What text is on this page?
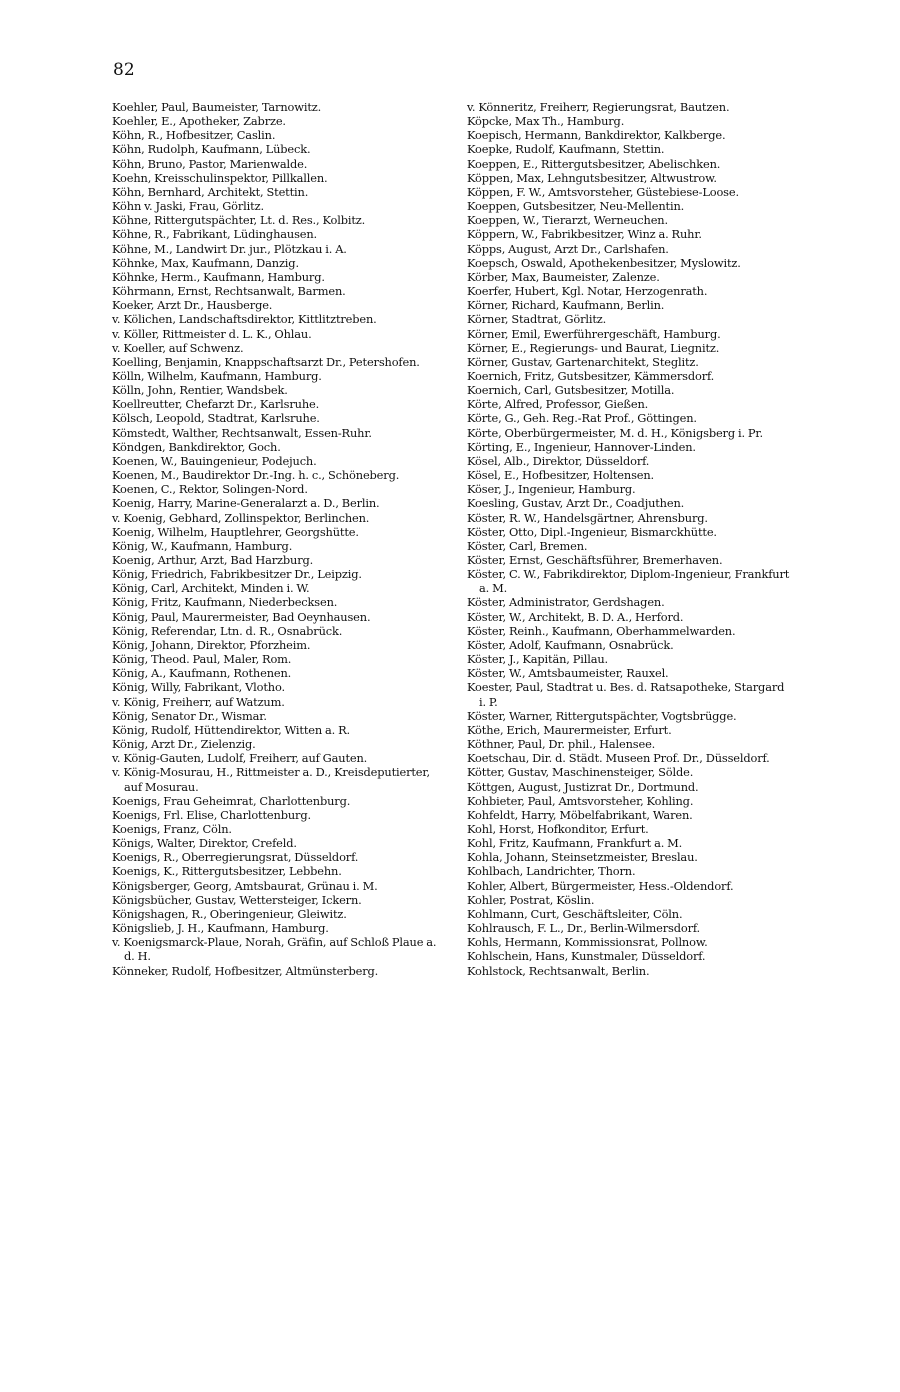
82
Koehler, Paul, Baumeister, Tarnowitz.
Koehler, E., Apotheker, Zabrze.
Köhn, R., Hofbesitzer, Caslin.
Köhn, Rudolph, Kaufmann, Lübeck.
Köhn, Bruno, Pastor, Marienwalde.
Koehn, Kreisschulinspektor, Pillkallen.
Köhn, Bernhard, Architekt, Stettin.
Köhn v. Jaski, Frau, Görlitz.
Köhne, Rittergutspächter, Lt. d. Res., Kolbitz.
Köhne, R., Fabrikant, Lüdinghausen.
Köhne, M., Landwirt Dr. jur., Plötzkau i. A.
Köhnke, Max, Kaufmann, Danzig.
Köhnke, Herm., Kaufmann, Hamburg.
Köhrmann, Ernst, Rechtsanwalt, Barmen.
Koeker, Arzt Dr., Hausberge.
v. Kölichen, Landschaftsdirektor, Kittlitztreben.
v. Köller, Rittmeister d. L. K., Ohlau.
v. Koeller, auf Schwenz.
Koelling, Benjamin, Knappschaftsarzt Dr., Petershofen.
Kölln, Wilhelm, Kaufmann, Hamburg.
Kölln, John, Rentier, Wandsbek.
Koellreutter, Chefarzt Dr., Karlsruhe.
Kölsch, Leopold, Stadtrat, Karlsruhe.
Kömstedt, Walther, Rechtsanwalt, Essen-Ruhr.
Köndgen, Bankdirektor, Goch.
Koenen, W., Bauingenieur, Podejuch.
Koenen, M., Baudirektor Dr.-Ing. h. c., Schöneberg.
Koenen, C., Rektor, Solingen-Nord.
Koenig, Harry, Marine-Generalarzt a. D., Berlin.
v. Koenig, Gebhard, Zollinspektor, Berlinchen.
Koenig, Wilhelm, Hauptlehrer, Georgshütte.
König, W., Kaufmann, Hamburg.
Koenig, Arthur, Arzt, Bad Harzburg.
König, Friedrich, Fabrikbesitzer Dr., Leipzig.
König, Carl, Architekt, Minden i. W.
König, Fritz, Kaufmann, Niederbecksen.
König, Paul, Maurermeister, Bad Oeynhausen.
König, Referendar, Ltn. d. R., Osnabrück.
König, Johann, Direktor, Pforzheim.
König, Theod. Paul, Maler, Rom.
König, A., Kaufmann, Rothenen.
König, Willy, Fabrikant, Vlotho.
v. König, Freiherr, auf Watzum.
König, Senator Dr., Wismar.
König, Rudolf, Hüttendirektor, Witten a. R.
König, Arzt Dr., Zielenzig.
v. König-Gauten, Ludolf, Freiherr, auf Gauten.
v. König-Mosurau, H., Rittmeister a. D., Kreisdeputierter, auf Mosurau.
Koenigs, Frau Geheimrat, Charlottenburg.
Koenigs, Frl. Elise, Charlottenburg.
Koenigs, Franz, Cöln.
Königs, Walter, Direktor, Crefeld.
Koenigs, R., Oberregierungsrat, Düsseldorf.
Koenigs, K., Rittergutsbesitzer, Lebbehn.
Königsberger, Georg, Amtsbaurat, Grünau i. M.
Königsbücher, Gustav, Wettersteiger, Ickern.
Königshagen, R., Oberingenieur, Gleiwitz.
Königslieb, J. H., Kaufmann, Hamburg.
v. Koenigsmarck-Plaue, Norah, Gräfin, auf Schloß Plaue a. d. H.
Könneker, Rudolf, Hofbesitzer, Altmünsterberg.
v. Könneritz, Freiherr, Regierungsrat, Bautzen.
Köpcke, Max Th., Hamburg.
Koepisch, Hermann, Bankdirektor, Kalkberge.
Koepke, Rudolf, Kaufmann, Stettin.
Koeppen, E., Rittergutsbesitzer, Abelischken.
Köppen, Max, Lehngutsbesitzer, Altwustrow.
Köppen, F. W., Amtsvorsteher, Güstebiese-Loose.
Koeppen, Gutsbesitzer, Neu-Mellentin.
Koeppen, W., Tierarzt, Werneuchen.
Köppern, W., Fabrikbesitzer, Winz a. Ruhr.
Köpps, August, Arzt Dr., Carlshafen.
Koepsch, Oswald, Apothekenbesitzer, Myslowitz.
Körber, Max, Baumeister, Zalenze.
Koerfer, Hubert, Kgl. Notar, Herzogenrath.
Körner, Richard, Kaufmann, Berlin.
Körner, Stadtrat, Görlitz.
Körner, Emil, Ewerführergeschäft, Hamburg.
Körner, E., Regierungs- und Baurat, Liegnitz.
Körner, Gustav, Gartenarchitekt, Steglitz.
Koernich, Fritz, Gutsbesitzer, Kämmersdorf.
Koernich, Carl, Gutsbesitzer, Motilla.
Körte, Alfred, Professor, Gießen.
Körte, G., Geh. Reg.-Rat Prof., Göttingen.
Körte, Oberbürgermeister, M. d. H., Königsberg i. Pr.
Körting, E., Ingenieur, Hannover-Linden.
Kösel, Alb., Direktor, Düsseldorf.
Kösel, E., Hofbesitzer, Holtensen.
Köser, J., Ingenieur, Hamburg.
Koesling, Gustav, Arzt Dr., Coadjuthen.
Köster, R. W., Handelsgärtner, Ahrensburg.
Köster, Otto, Dipl.-Ingenieur, Bismarckhütte.
Köster, Carl, Bremen.
Köster, Ernst, Geschäftsführer, Bremerhaven.
Köster, C. W., Fabrikdirektor, Diplom-Ingenieur, Frankfurt a. M.
Köster, Administrator, Gerdshagen.
Köster, W., Architekt, B. D. A., Herford.
Köster, Reinh., Kaufmann, Oberhammelwarden.
Köster, Adolf, Kaufmann, Osnabrück.
Köster, J., Kapitän, Pillau.
Köster, W., Amtsbaumeister, Rauxel.
Koester, Paul, Stadtrat u. Bes. d. Ratsapotheke, Stargard i. P.
Köster, Warner, Rittergutspächter, Vogtsbrügge.
Köthe, Erich, Maurermeister, Erfurt.
Köthner, Paul, Dr. phil., Halensee.
Koetschau, Dir. d. Städt. Museen Prof. Dr., Düsseldorf.
Kötter, Gustav, Maschinensteiger, Sölde.
Köttgen, August, Justizrat Dr., Dortmund.
Kohbieter, Paul, Amtsvorsteher, Kohling.
Kohfeldt, Harry, Möbelfabrikant, Waren.
Kohl, Horst, Hofkonditor, Erfurt.
Kohl, Fritz, Kaufmann, Frankfurt a. M.
Kohla, Johann, Steinsetzmeister, Breslau.
Kohlbach, Landrichter, Thorn.
Kohler, Albert, Bürgermeister, Hess.-Oldendorf.
Kohler, Postrat, Köslin.
Kohlmann, Curt, Geschäftsleiter, Cöln.
Kohlrausch, F. L., Dr., Berlin-Wilmersdorf.
Kohls, Hermann, Kommissionsrat, Pollnow.
Kohlschein, Hans, Kunstmaler, Düsseldorf.
Kohlstock, Rechtsanwalt, Berlin.
